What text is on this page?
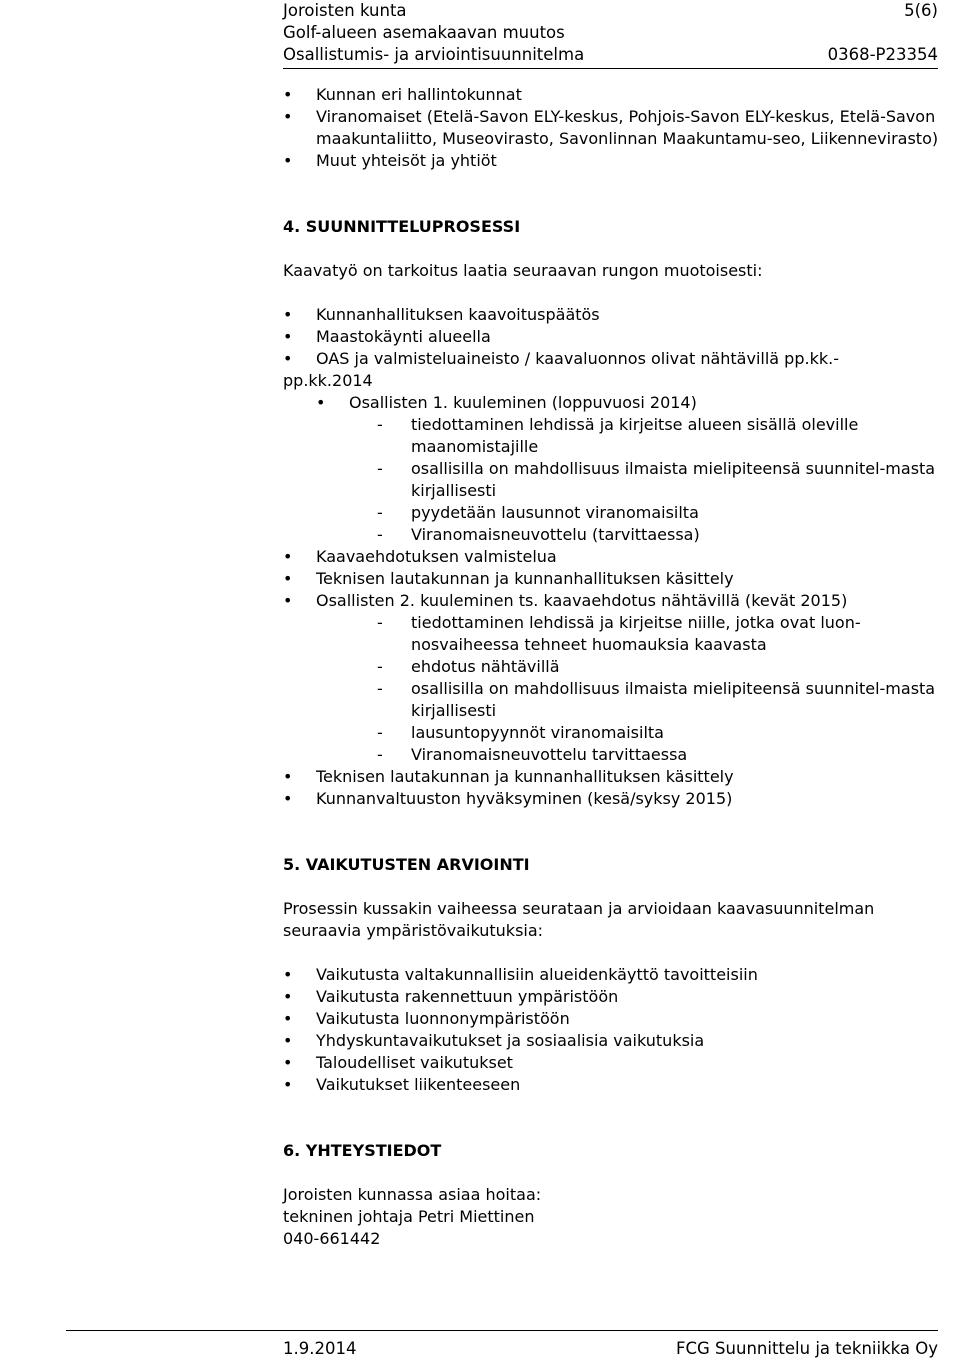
Joroisten kunta	5(6)
Golf-alueen asemakaavan muutos
Osallistumis- ja arviointisuunnitelma	0368-P23354
• Kunnan eri hallintokunnat
• Viranomaiset (Etelä-Savon ELY-keskus, Pohjois-Savon ELY-keskus, Etelä-Savon maakuntaliitto, Museovirasto, Savonlinnan Maakuntamu-seo, Liikennevirasto)
• Muut yhteisöt ja yhtiöt
4. SUUNNITTELUPROSESSI

Kaavatyö on tarkoitus laatia seuraavan rungon muotoisesti:

• Kunnanhallituksen kaavoituspäätös
• Maastokäynti alueella
• OAS ja valmisteluaineisto / kaavaluonnos olivat nähtävillä pp.kk.-

pp.kk.2014

• Osallisten 1. kuuleminen (loppuvuosi 2014)
- tiedottaminen lehdissä ja kirjeitse alueen sisällä oleville maanomistajille
- osallisilla on mahdollisuus ilmaista mielipiteensä suunnitel-masta kirjallisesti
- pyydetään lausunnot viranomaisilta
- Viranomaisneuvottelu (tarvittaessa)
• Kaavaehdotuksen valmistelua
• Teknisen lautakunnan ja kunnanhallituksen käsittely
• Osallisten 2. kuuleminen ts. kaavaehdotus nähtävillä (kevät 2015)
- tiedottaminen lehdissä ja kirjeitse niille, jotka ovat luon-nosvaiheessa tehneet huomauksia kaavasta
- ehdotus nähtävillä
- osallisilla on mahdollisuus ilmaista mielipiteensä suunnitel-masta kirjallisesti
- lausuntopyynnöt viranomaisilta
- Viranomaisneuvottelu tarvittaessa
• Teknisen lautakunnan ja kunnanhallituksen käsittely
• Kunnanvaltuuston hyväksyminen (kesä/syksy 2015)
5. VAIKUTUSTEN ARVIOINTI

Prosessin kussakin vaiheessa seurataan ja arvioidaan kaavasuunnitelman seuraavia ympäristövaikutuksia:

• Vaikutusta valtakunnallisiin alueidenkäyttö tavoitteisiin
• Vaikutusta rakennettuun ympäristöön
• Vaikutusta luonnonympäristöön
• Yhdyskuntavaikutukset ja sosiaalisia vaikutuksia
• Taloudelliset vaikutukset
• Vaikutukset liikenteeseen
6. YHTEYSTIEDOT

Joroisten kunnassa asiaa hoitaa:

tekninen johtaja Petri Miettinen

040-661442

1.9.2014	FCG Suunnittelu ja tekniikka Oy
